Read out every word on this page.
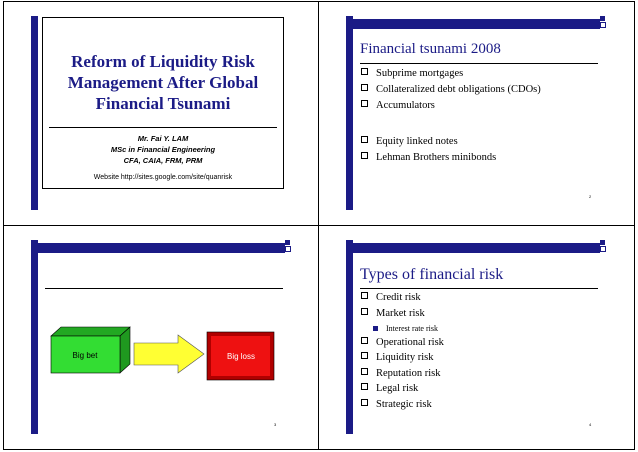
Reform of Liquidity Risk
Management After Global
Financial Tsunami
Mr. Fai Y. LAM
MSc in Financial Engineering
CFA, CAIA, FRM, PRM
Website http://sites.google.com/site/quanrisk
Financial tsunami 2008
Subprime mortgages
Collateralized debt obligations (CDOs)
Accumulators
Equity linked notes
Lehman Brothers minibonds
2
Big bet	Big loss
3
Types of financial risk
Credit risk
Market risk
Interest rate risk
Operational risk
Liquidity risk
Reputation risk
Legal risk
Strategic risk
4
